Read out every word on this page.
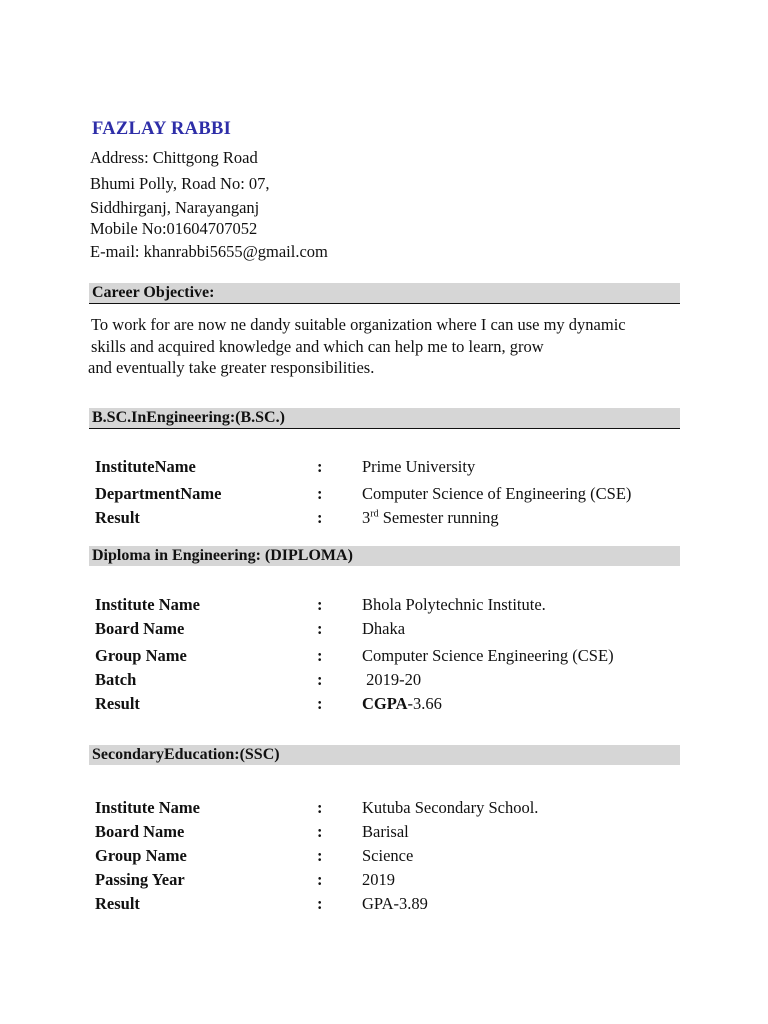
FAZLAY RABBI
Address: Chittgong Road
Bhumi Polly, Road No: 07,
Siddhirganj, Narayanganj
Mobile No:01604707052
E-mail: khanrabbi5655@gmail.com
Career Objective:
To work for are now ne dandy suitable organization where I can use my dynamic
skills and acquired knowledge and which can help me to learn, grow
and eventually take greater responsibilities.
B.SC.InEngineering:(B.SC.)
InstituteName	: Prime University
DepartmentName	: Computer Science of Engineering (CSE)
Result	: 3rd Semester running
Diploma in Engineering: (DIPLOMA)
Institute Name	: Bhola Polytechnic Institute.
Board Name	: Dhaka
Group Name	: Computer Science Engineering (CSE)
Batch	: 2019-20
Result	: CGPA-3.66
SecondaryEducation:(SSC)
Institute Name	: Kutuba Secondary School.
Board Name	: Barisal
Group Name	: Science
Passing Year	: 2019
Result	: GPA-3.89
